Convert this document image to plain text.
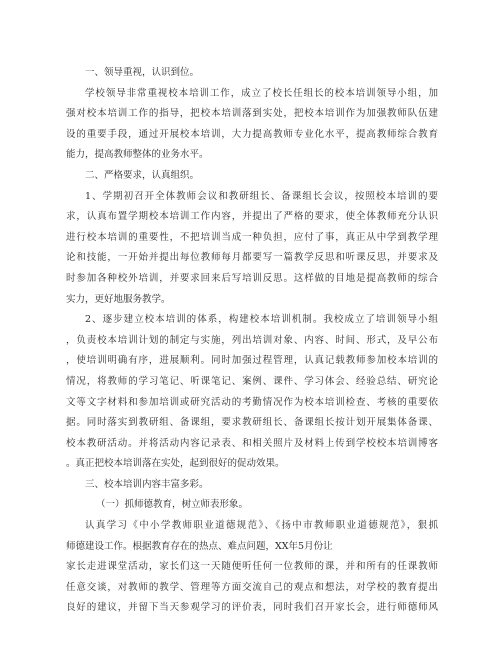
一、领导重视，认识到位。
学校领导非常重视校本培训工作，成立了校长任组长的校本培训领导小组，加
强对校本培训工作的指导，把校本培训落到实处，把校本培训作为加强教师队伍建
设的重要手段，通过开展校本培训，大力提高教师专业化水平，提高教师综合教育
能力，提高教师整体的业务水平。
二、严格要求，认真组织。
1、学期初召开全体教师会议和教研组长、备课组长会议，按照校本培训的要
求，认真布置学期校本培训工作内容，并提出了严格的要求，使全体教师充分认识
进行校本培训的重要性，不把培训当成一种负担，应付了事，真正从中学到教学理
论和技能，一开始并提出每位教师每月都要写一篇教学反思和听课反思，并要求及
时参加各种校外培训，并要求回来后写培训反思。这样做的目地是提高教师的综合
实力，更好地服务教学。
2、逐步建立校本培训的体系，构建校本培训机制。我校成立了培训领导小组
，负责校本培训计划的制定与实施，列出培训对象、内容、时间、形式，及早公布
，使培训明确有序，进展顺利。同时加强过程管理，认真记载教师参加校本培训的
情况，将教师的学习笔记、听课笔记、案例、课件、学习体会、经验总结、研究论
文等文字材料和参加培训或研究活动的考勤情况作为校本培训检查、考核的重要依
据。同时落实到教研组、备课组，要求教研组长、备课组长按计划开展集体备课、
校本教研活动。并将活动内容记录表、和相关照片及材料上传到学校校本培训博客
。真正把校本培训落在实处，起到很好的促动效果。
三、校本培训内容丰富多彩。
（一）抓师德教育，树立师表形象。
认真学习《中小学教师职业道德规范》、《扬中市教师职业道德规范》，狠抓
师德建设工作。根据教育存在的热点、难点问题，XX年5月份让
家长走进课堂活动，家长们这一天随便听任何一位教师的课，并和所有的任课教师
任意交谈，对教师的教学、管理等方面交流自己的观点和想法，对学校的教育提出
良好的建议，并留下当天参观学习的评价表，同时我们召开家长会，进行师德师风
